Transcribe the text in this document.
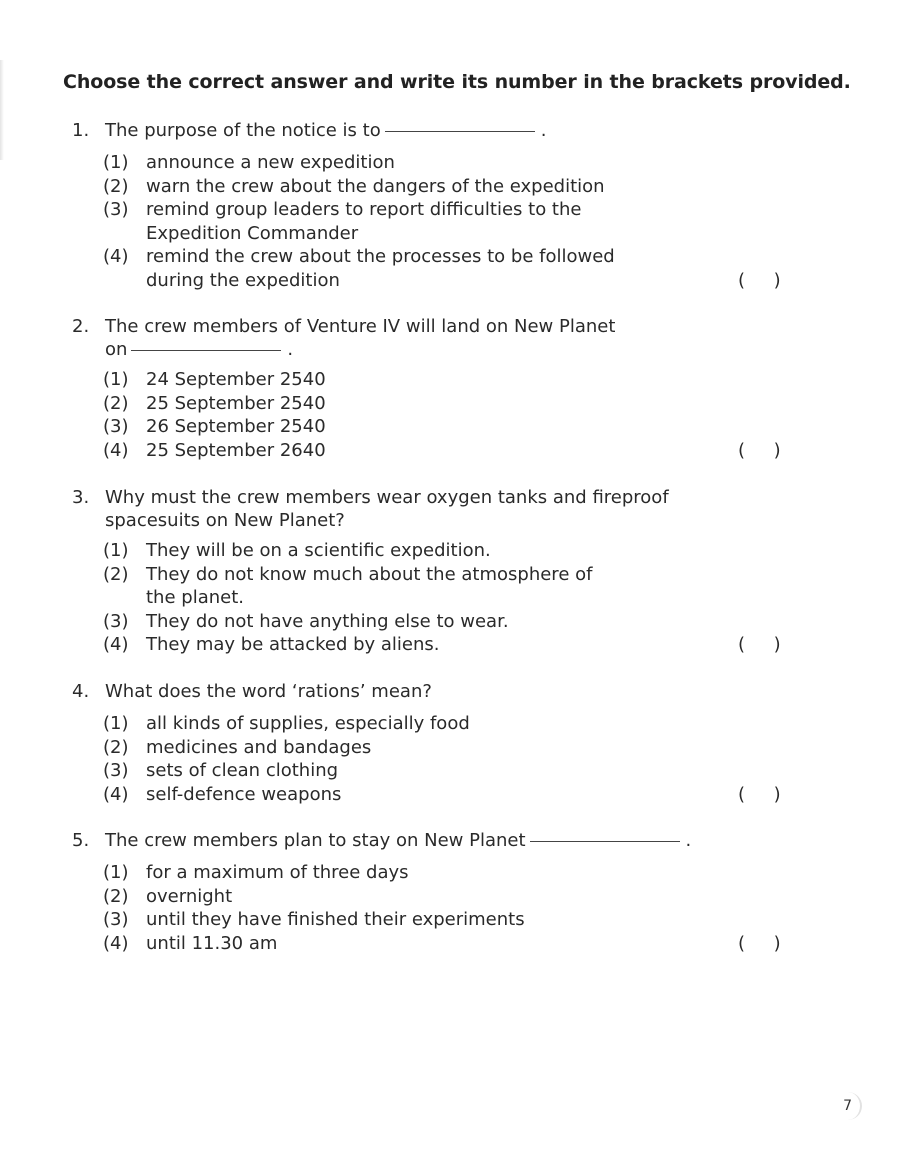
Choose the correct answer and write its number in the brackets provided.
1. The purpose of the notice is to	.
(1) announce a new expedition
(2) warn the crew about the dangers of the expedition
(3) remind group leaders to report difficulties to the
Expedition Commander
(4) remind the crew about the processes to be followed
during the expedition	(     )
2. The crew members of Venture IV will land on New Planet
on	.
(1) 24 September 2540
(2) 25 September 2540
(3) 26 September 2540
(4) 25 September 2640	(     )
3. Why must the crew members wear oxygen tanks and fireproof
spacesuits on New Planet?
(1) They will be on a scientific expedition.
(2) They do not know much about the atmosphere of
the planet.
(3) They do not have anything else to wear.
(4) They may be attacked by aliens.	(     )
4. What does the word ‘rations’ mean?
(1) all kinds of supplies, especially food
(2) medicines and bandages
(3) sets of clean clothing
(4) self-defence weapons	(     )
5. The crew members plan to stay on New Planet	.
(1) for a maximum of three days
(2) overnight
(3) until they have finished their experiments
(4) until 11.30 am	(     )
7
